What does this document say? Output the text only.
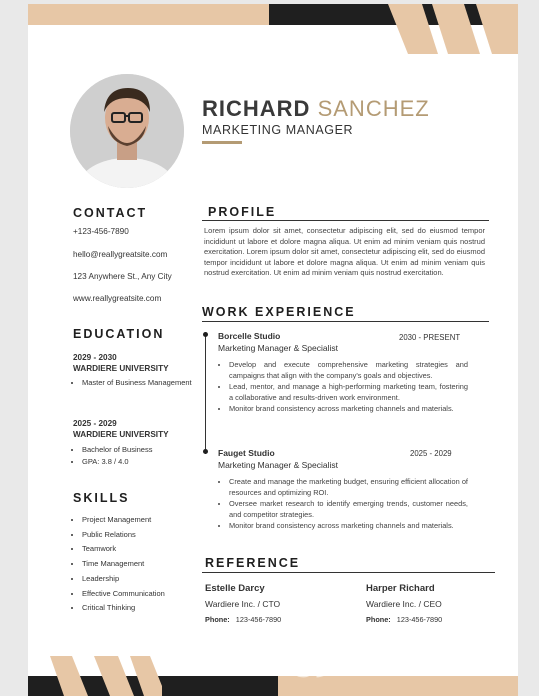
RICHARD SANCHEZ
MARKETING MANAGER
CONTACT
+123-456-7890
hello@reallygreatsite.com
123 Anywhere St., Any City
www.reallygreatsite.com
EDUCATION
2029 - 2030
WARDIERE UNIVERSITY
• Master of Business Management
2025 - 2029
WARDIERE UNIVERSITY
• Bachelor of Business
• GPA: 3.8 / 4.0
SKILLS
• Project Management
• Public Relations
• Teamwork
• Time Management
• Leadership
• Effective Communication
• Critical Thinking
PROFILE
Lorem ipsum dolor sit amet, consectetur adipiscing elit, sed do eiusmod tempor incididunt ut labore et dolore magna aliqua. Ut enim ad minim veniam quis nostrud exercitation. Lorem ipsum dolor sit amet, consectetur adipiscing elit, sed do eiusmod tempor incididunt ut labore et dolore magna aliqua. Ut enim ad minim veniam quis nostrud exercitation. Ut enim ad minim veniam quis nostrud exercitation.
WORK EXPERIENCE
Borcelle Studio	2030 - PRESENT
Marketing Manager & Specialist
• Develop and execute comprehensive marketing strategies and campaigns that align with the company's goals and objectives.
• Lead, mentor, and manage a high-performing marketing team, fostering a collaborative and results-driven work environment.
• Monitor brand consistency across marketing channels and materials.
Fauget Studio	2025 - 2029
Marketing Manager & Specialist
• Create and manage the marketing budget, ensuring efficient allocation of resources and optimizing ROI.
• Oversee market research to identify emerging trends, customer needs, and competitor strategies.
• Monitor brand consistency across marketing channels and materials.
REFERENCE
Estelle Darcy
Wardiere Inc. / CTO
Phone: 123-456-7890
Harper Richard
Wardiere Inc. / CEO
Phone: 123-456-7890
حراج
